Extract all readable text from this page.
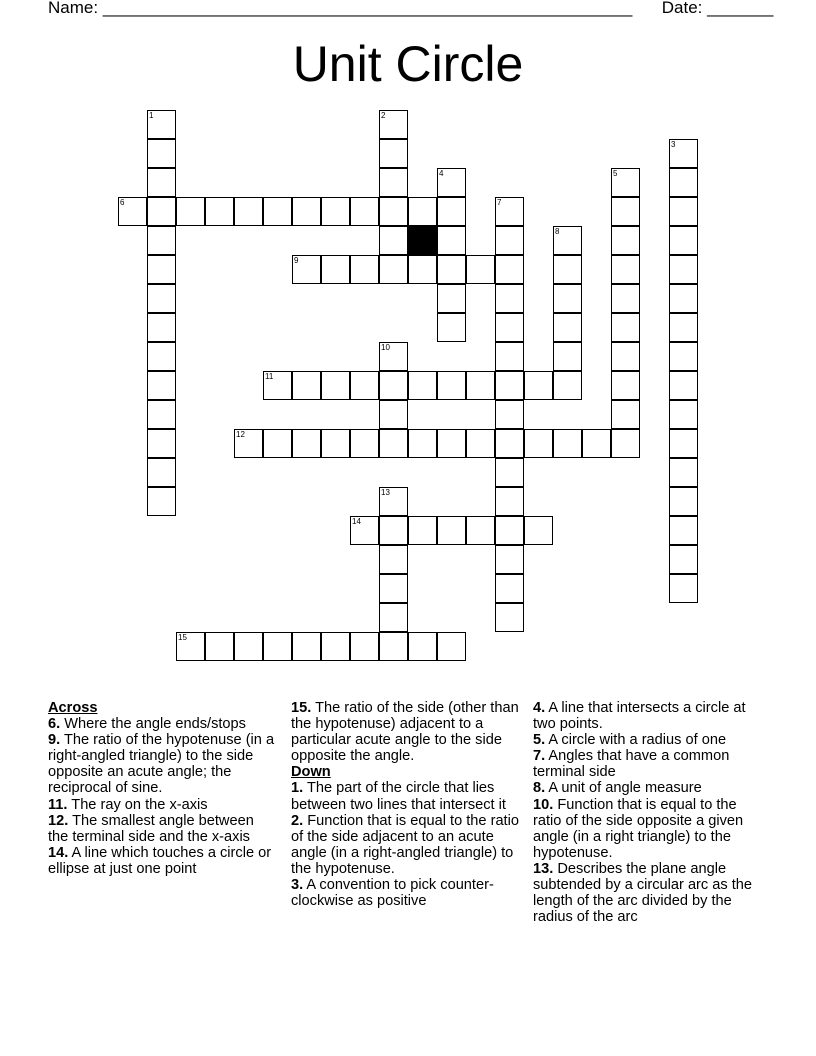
Name: ________________________________________________________ Date: _______
Unit Circle
1	2
3
4	5
6	7
8
9
10
11
12
13
14
15
Across

6. Where the angle ends/stops

9. The ratio of the hypotenuse (in a right-angled triangle) to the side opposite an acute angle; the reciprocal of sine.

11. The ray on the x-axis

12. The smallest angle between the terminal side and the x-axis

14. A line which touches a circle or ellipse at just one point

15. The ratio of the side (other than the hypotenuse) adjacent to a particular acute angle to the side opposite the angle.

Down

1. The part of the circle that lies between two lines that intersect it

2. Function that is equal to the ratio of the side adjacent to an acute angle (in a right-angled triangle) to the hypotenuse.

3. A convention to pick counter-clockwise as positive

4. A line that intersects a circle at two points.

5. A circle with a radius of one

7. Angles that have a common terminal side

8. A unit of angle measure

10. Function that is equal to the ratio of the side opposite a given angle (in a right triangle) to the hypotenuse.

13. Describes the plane angle subtended by a circular arc as the length of the arc divided by the radius of the arc
